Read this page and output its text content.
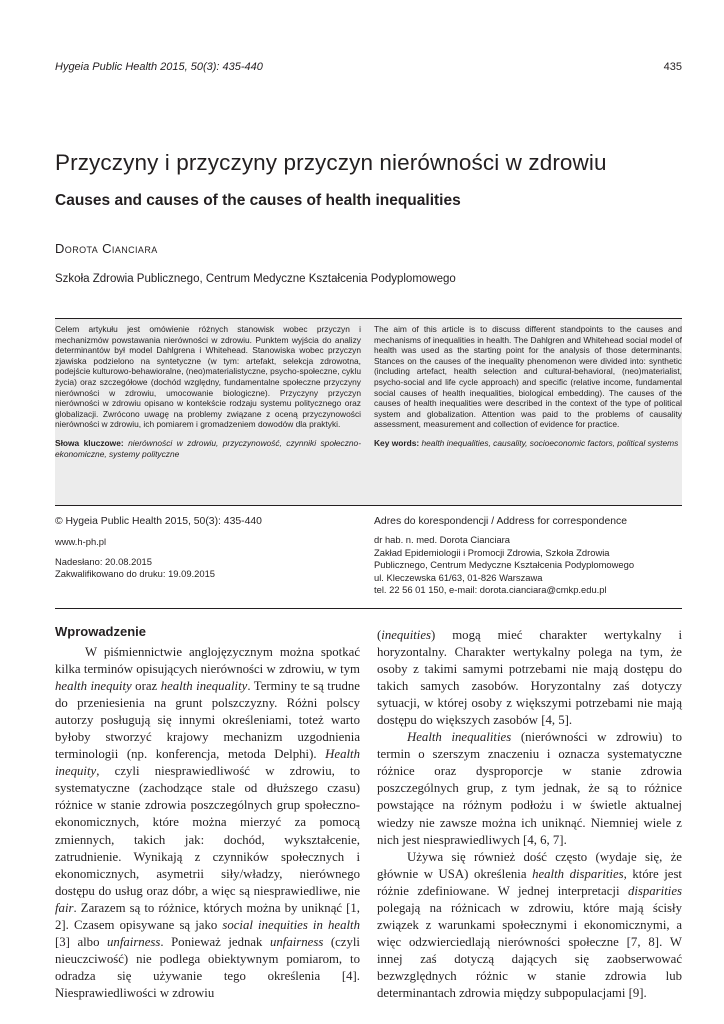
Hygeia Public Health 2015, 50(3): 435-440	435
Przyczyny i przyczyny przyczyn nierówności w zdrowiu
Causes and causes of the causes of health inequalities
Dorota Cianciara
Szkoła Zdrowia Publicznego, Centrum Medyczne Kształcenia Podyplomowego
Celem artykułu jest omówienie różnych stanowisk wobec przyczyn i mechanizmów powstawania nierówności w zdrowiu. Punktem wyjścia do analizy determinantów był model Dahlgrena i Whitehead. Stanowiska wobec przyczyn zjawiska podzielono na syntetyczne (w tym: artefakt, selekcja zdrowotna, podejście kulturowo-behawioralne, (neo)materialistyczne, psycho-społeczne, cyklu życia) oraz szczegółowe (dochód względny, fundamentalne społeczne przyczyny nierówności w zdrowiu, umocowanie biologiczne). Przyczyny przyczyn nierówności w zdrowiu opisano w kontekście rodzaju systemu politycznego oraz globalizacji. Zwrócono uwagę na problemy związane z oceną przyczynowości nierówności w zdrowiu, ich pomiarem i gromadzeniem dowodów dla praktyki.
Słowa kluczowe: nierówności w zdrowiu, przyczynowość, czynniki społeczno-ekonomiczne, systemy polityczne
The aim of this article is to discuss different standpoints to the causes and mechanisms of inequalities in health. The Dahlgren and Whitehead social model of health was used as the starting point for the analysis of those determinants. Stances on the causes of the inequality phenomenon were divided into: synthetic (including artefact, health selection and cultural-behavioral, (neo)materialist, psycho-social and life cycle approach) and specific (relative income, fundamental social causes of health inequalities, biological embedding). The causes of the causes of health inequalities were described in the context of the type of political system and globalization. Attention was paid to the problems of causality assessment, measurement and collection of evidence for practice.
Key words: health inequalities, causality, socioeconomic factors, political systems
© Hygeia Public Health 2015, 50(3): 435-440
www.h-ph.pl
Nadesłano: 20.08.2015
Zakwalifikowano do druku: 19.09.2015
Adres do korespondencji / Address for correspondence
dr hab. n. med. Dorota Cianciara
Zakład Epidemiologii i Promocji Zdrowia, Szkoła Zdrowia
Publicznego, Centrum Medyczne Kształcenia Podyplomowego
ul. Kleczewska 61/63, 01-826 Warszawa
tel. 22 56 01 150, e-mail: dorota.cianciara@cmkp.edu.pl
Wprowadzenie

W piśmiennictwie anglojęzycznym można spotkać kilka terminów opisujących nierówności w zdrowiu, w tym health inequity oraz health inequality. Terminy te są trudne do przeniesienia na grunt polszczyzny. Różni polscy autorzy posługują się innymi określeniami, toteż warto byłoby stworzyć krajowy mechanizm uzgodnienia terminologii (np. konferencja, metoda Delphi). Health inequity, czyli niesprawiedliwość w zdrowiu, to systematyczne (zachodzące stale od dłuższego czasu) różnice w stanie zdrowia poszczególnych grup społeczno-ekonomicznych, które można mierzyć za pomocą zmiennych, takich jak: dochód, wykształcenie, zatrudnienie. Wynikają z czynników społecznych i ekonomicznych, asymetrii siły/władzy, nierównego dostępu do usług oraz dóbr, a więc są niesprawiedliwe, nie fair. Zarazem są to różnice, których można by uniknąć [1, 2]. Czasem opisywane są jako social inequities in health [3] albo unfairness. Ponieważ jednak unfairness (czyli nieuczciwość) nie podlega obiektywnym pomiarom, to odradza się używanie tego określenia [4]. Niesprawiedliwości w zdrowiu

(inequities) mogą mieć charakter wertykalny i horyzontalny. Charakter wertykalny polega na tym, że osoby z takimi samymi potrzebami nie mają dostępu do takich samych zasobów. Horyzontalny zaś dotyczy sytuacji, w której osoby z większymi potrzebami nie mają dostępu do większych zasobów [4, 5].

Health inequalities (nierówności w zdrowiu) to termin o szerszym znaczeniu i oznacza systematyczne różnice oraz dysproporcje w stanie zdrowia poszczególnych grup, z tym jednak, że są to różnice powstające na różnym podłożu i w świetle aktualnej wiedzy nie zawsze można ich uniknąć. Niemniej wiele z nich jest niesprawiedliwych [4, 6, 7].

Używa się również dość często (wydaje się, że głównie w USA) określenia health disparities, które jest różnie zdefiniowane. W jednej interpretacji disparities polegają na różnicach w zdrowiu, które mają ścisły związek z warunkami społecznymi i ekonomicznymi, a więc odzwierciedlają nierówności społeczne [7, 8]. W innej zaś dotyczą dających się zaobserwować bezwzględnych różnic w stanie zdrowia lub determinantach zdrowia między subpopulacjami [9].
